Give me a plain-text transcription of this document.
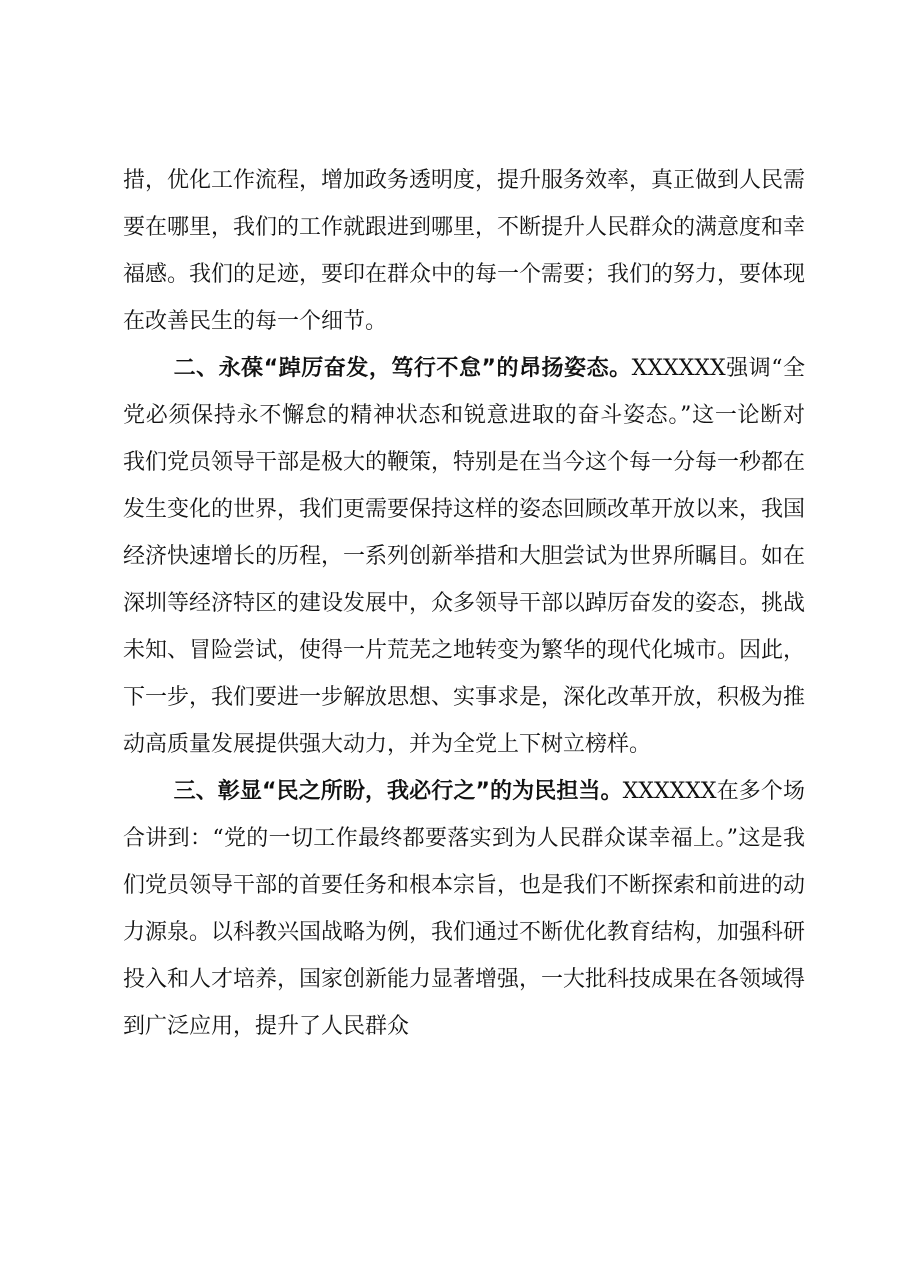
措，优化工作流程，增加政务透明度，提升服务效率，真正做到人民需要在哪里，我们的工作就跟进到哪里，不断提升人民群众的满意度和幸福感。我们的足迹，要印在群众中的每一个需要；我们的努力，要体现在改善民生的每一个细节。

二、永葆“踔厉奋发，笃行不怠”的昂扬姿态。XXXXXX强调“全党必须保持永不懈怠的精神状态和锐意进取的奋斗姿态。”这一论断对我们党员领导干部是极大的鞭策，特别是在当今这个每一分每一秒都在发生变化的世界，我们更需要保持这样的姿态回顾改革开放以来，我国经济快速增长的历程，一系列创新举措和大胆尝试为世界所瞩目。如在深圳等经济特区的建设发展中，众多领导干部以踔厉奋发的姿态，挑战未知、冒险尝试，使得一片荒芜之地转变为繁华的现代化城市。因此，下一步，我们要进一步解放思想、实事求是，深化改革开放，积极为推动高质量发展提供强大动力，并为全党上下树立榜样。

三、彰显“民之所盼，我必行之”的为民担当。XXXXXX在多个场合讲到：“党的一切工作最终都要落实到为人民群众谋幸福上。”这是我们党员领导干部的首要任务和根本宗旨，也是我们不断探索和前进的动力源泉。以科教兴国战略为例，我们通过不断优化教育结构，加强科研投入和人才培养，国家创新能力显著增强，一大批科技成果在各领域得到广泛应用，提升了人民群众
